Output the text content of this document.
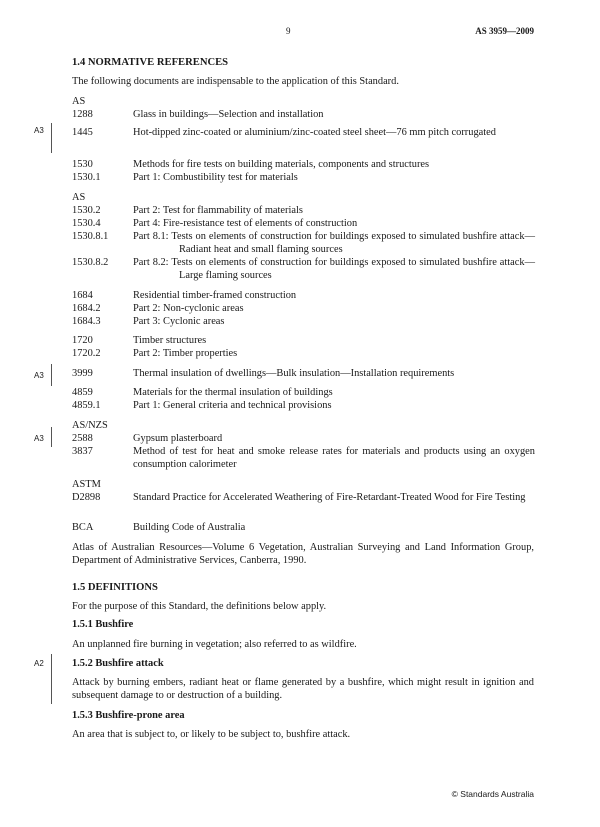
9	AS 3959—2009
1.4 NORMATIVE REFERENCES
The following documents are indispensable to the application of this Standard.
AS
1288	Glass in buildings—Selection and installation
A3	1445	Hot-dipped zinc-coated or aluminium/zinc-coated steel sheet—76 mm pitch corrugated
1530	Methods for fire tests on building materials, components and structures
1530.1	Part 1: Combustibility test for materials
AS
1530.2	Part 2: Test for flammability of materials
1530.4	Part 4: Fire-resistance test of elements of construction
1530.8.1 Part 8.1: Tests on elements of construction for buildings exposed to simulated bushfire attack—Radiant heat and small flaming sources
1530.8.2 Part 8.2: Tests on elements of construction for buildings exposed to simulated bushfire attack—Large flaming sources
1684	Residential timber-framed construction
1684.2	Part 2: Non-cyclonic areas
1684.3	Part 3: Cyclonic areas
1720	Timber structures
1720.2	Part 2: Timber properties
A3	3999	Thermal insulation of dwellings—Bulk insulation—Installation requirements
4859	Materials for the thermal insulation of buildings
4859.1	Part 1: General criteria and technical provisions
AS/NZS
A3	2588	Gypsum plasterboard
3837	Method of test for heat and smoke release rates for materials and products using an oxygen consumption calorimeter
ASTM
D2898	Standard Practice for Accelerated Weathering of Fire-Retardant-Treated Wood for Fire Testing
BCA	Building Code of Australia
Atlas of Australian Resources—Volume 6 Vegetation, Australian Surveying and Land Information Group, Department of Administrative Services, Canberra, 1990.
1.5 DEFINITIONS
For the purpose of this Standard, the definitions below apply.
1.5.1 Bushfire
An unplanned fire burning in vegetation; also referred to as wildfire.
A2	1.5.2 Bushfire attack
Attack by burning embers, radiant heat or flame generated by a bushfire, which might result in ignition and subsequent damage to or destruction of a building.
1.5.3 Bushfire-prone area
An area that is subject to, or likely to be subject to, bushfire attack.
© Standards Australia
